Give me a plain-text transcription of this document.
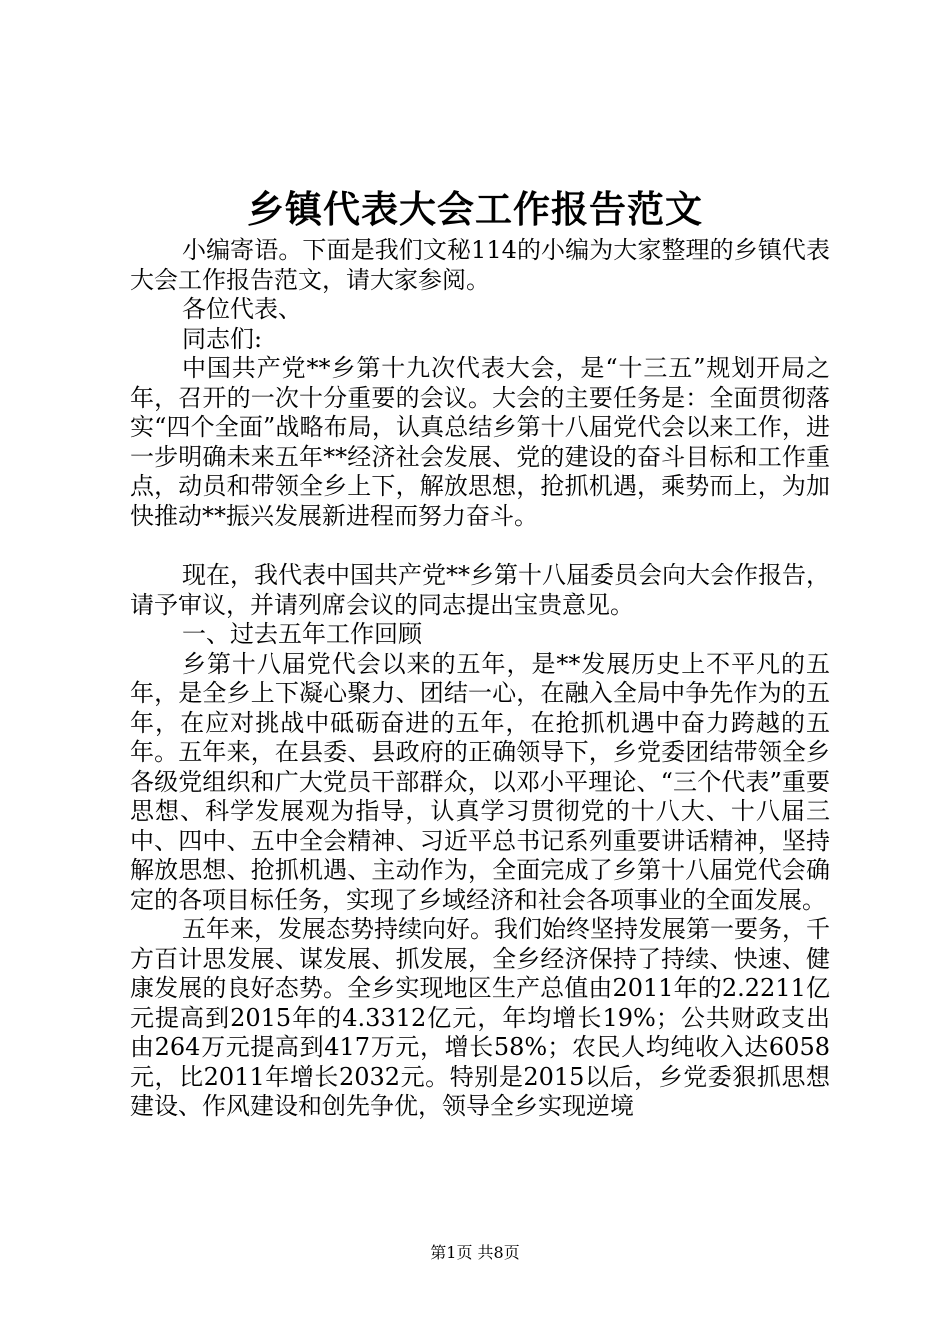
乡镇代表大会工作报告范文

小编寄语。下面是我们文秘114的小编为大家整理的乡镇代表大会工作报告范文，请大家参阅。

各位代表、

同志们:

中国共产党**乡第十九次代表大会，是“十三五”规划开局之年，召开的一次十分重要的会议。大会的主要任务是：全面贯彻落实“四个全面”战略布局，认真总结乡第十八届党代会以来工作，进一步明确未来五年**经济社会发展、党的建设的奋斗目标和工作重点，动员和带领全乡上下，解放思想，抢抓机遇，乘势而上，为加快推动**振兴发展新进程而努力奋斗。

现在，我代表中国共产党**乡第十八届委员会向大会作报告，请予审议，并请列席会议的同志提出宝贵意见。

一、过去五年工作回顾

乡第十八届党代会以来的五年，是**发展历史上不平凡的五年，是全乡上下凝心聚力、团结一心，在融入全局中争先作为的五年，在应对挑战中砥砺奋进的五年，在抢抓机遇中奋力跨越的五年。五年来，在县委、县政府的正确领导下，乡党委团结带领全乡各级党组织和广大党员干部群众，以邓小平理论、“三个代表”重要思想、科学发展观为指导，认真学习贯彻党的十八大、十八届三中、四中、五中全会精神、习近平总书记系列重要讲话精神，坚持解放思想、抢抓机遇、主动作为，全面完成了乡第十八届党代会确定的各项目标任务，实现了乡域经济和社会各项事业的全面发展。

五年来，发展态势持续向好。我们始终坚持发展第一要务，千方百计思发展、谋发展、抓发展，全乡经济保持了持续、快速、健康发展的良好态势。全乡实现地区生产总值由2011年的2.2211亿元提高到2015年的4.3312亿元，年均增长19%；公共财政支出由264万元提高到417万元，增长58%；农民人均纯收入达6058元，比2011年增长2032元。特别是2015以后，乡党委狠抓思想建设、作风建设和创先争优，领导全乡实现逆境

第1页 共8页
